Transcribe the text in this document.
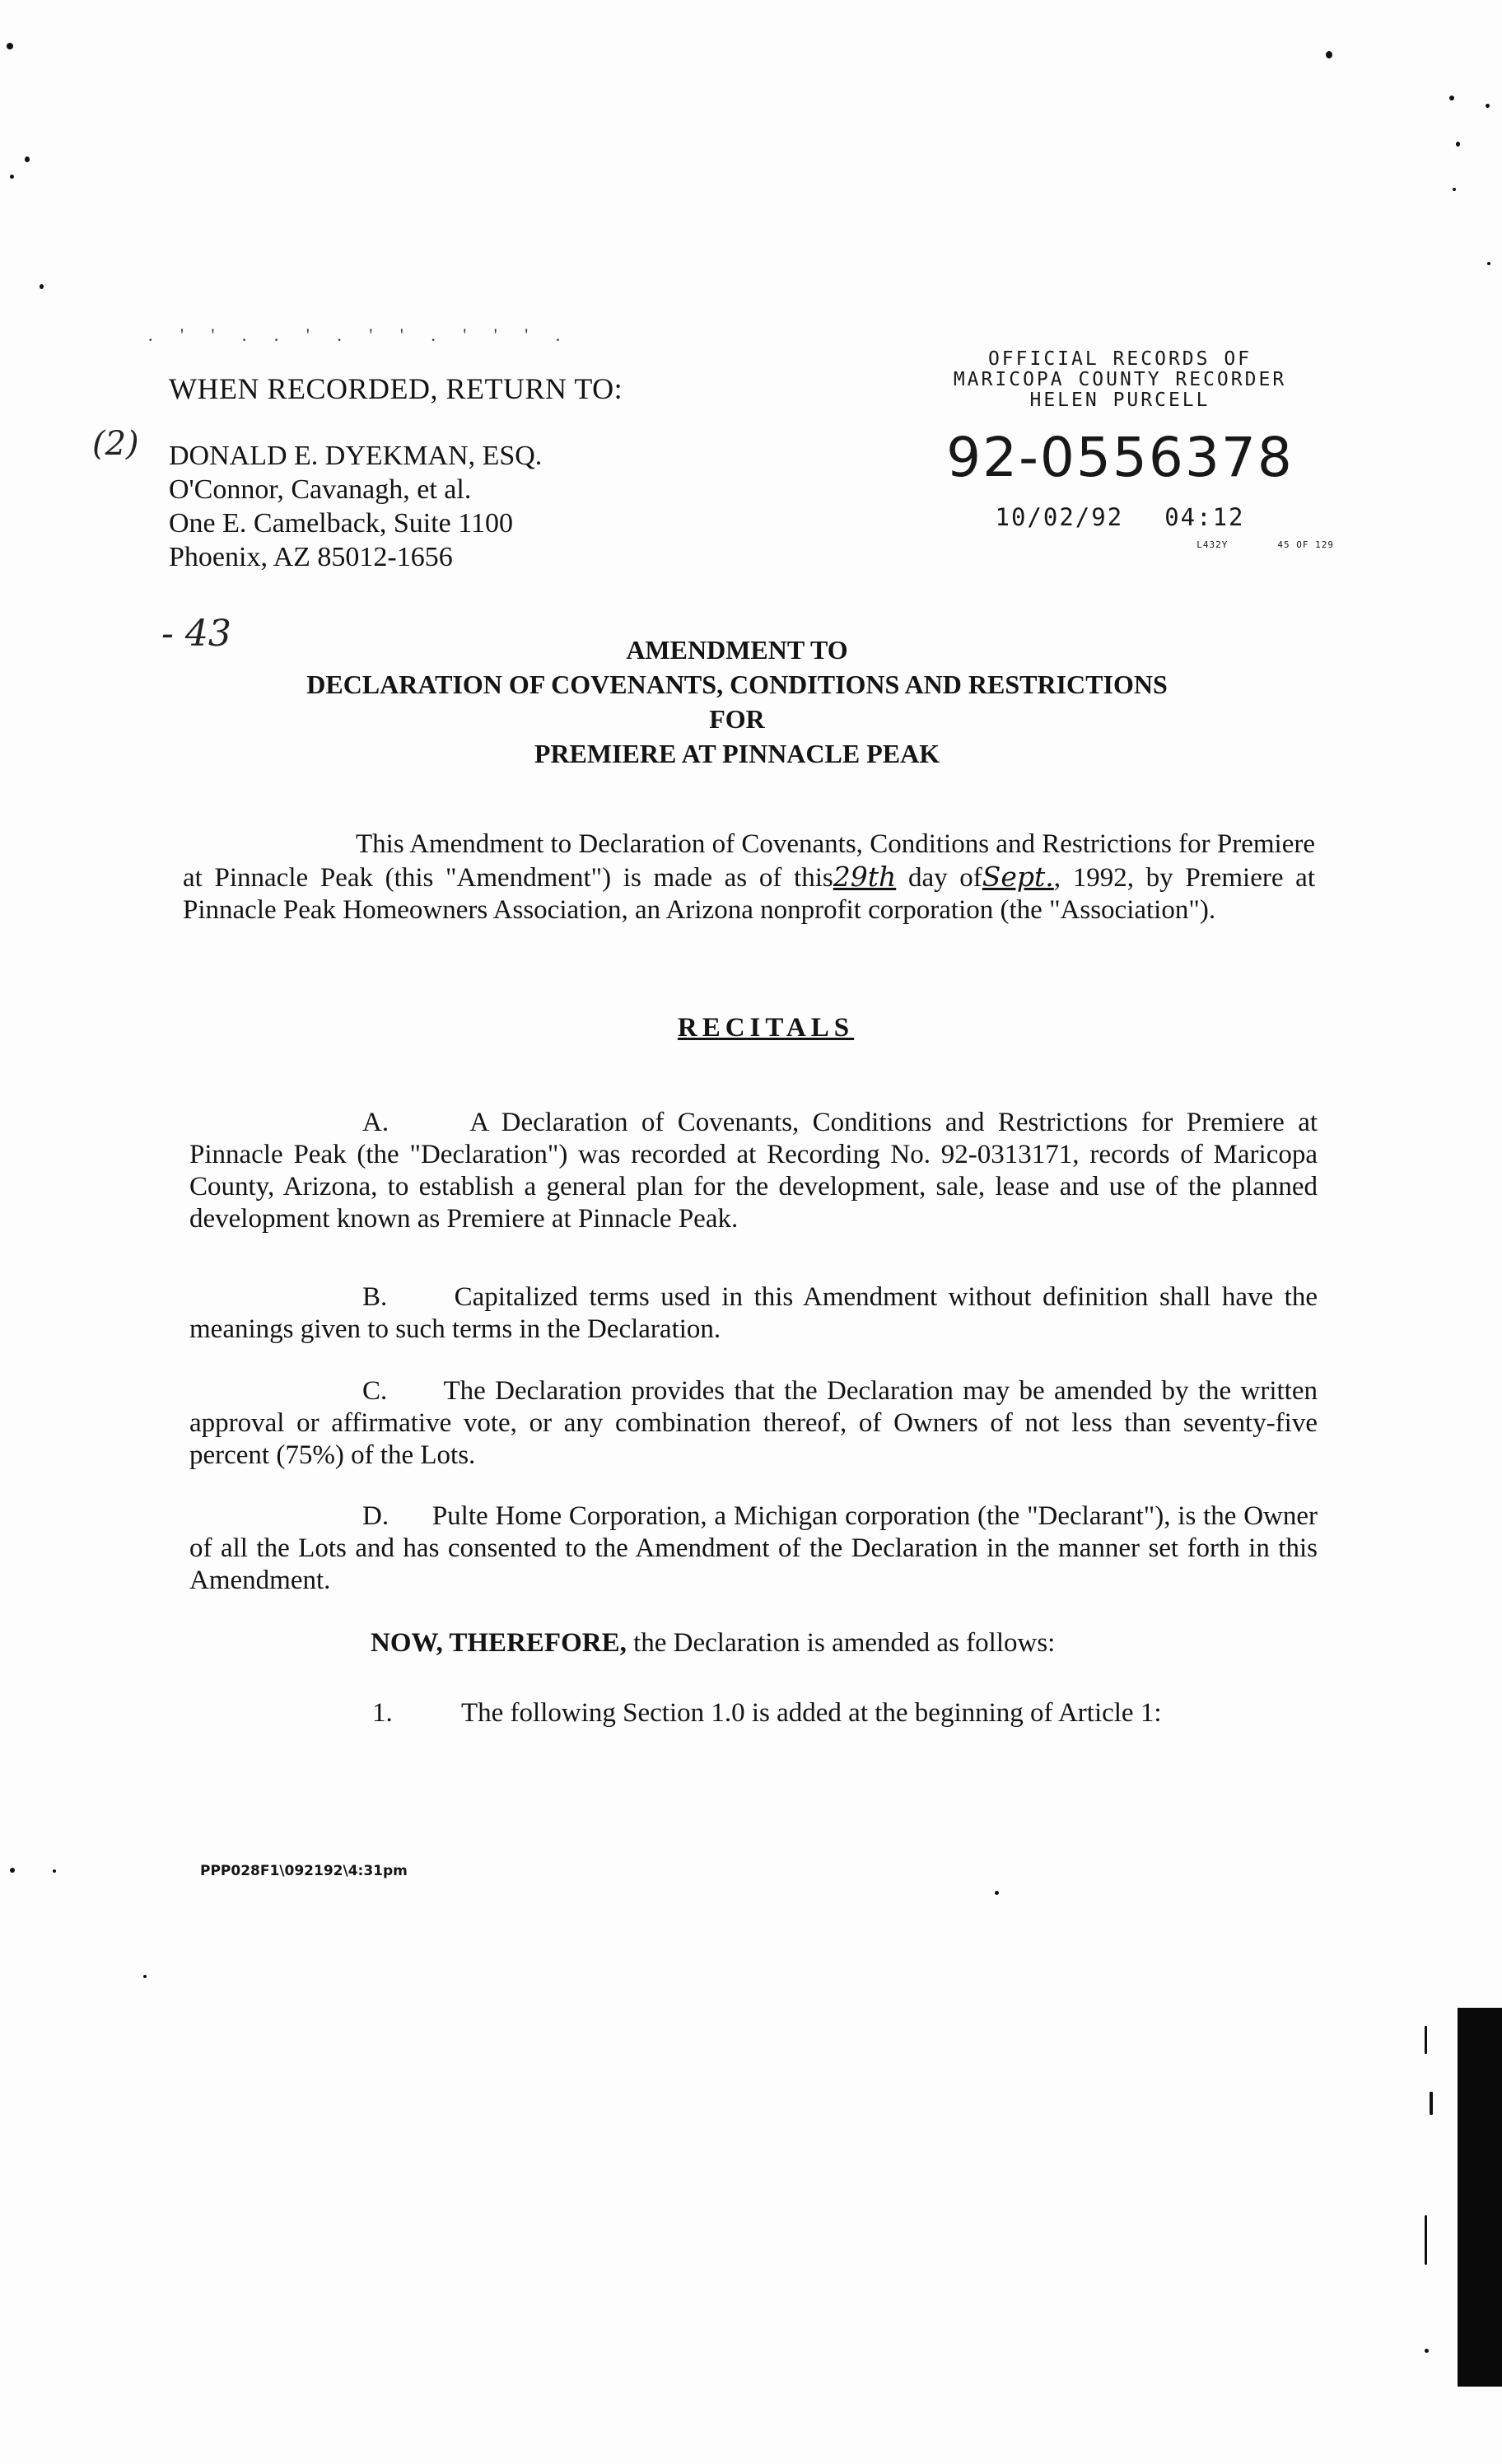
. ' ' . . ' . ' ' . ' ' ' .
WHEN RECORDED, RETURN TO:
DONALD E. DYEKMAN, ESQ.
O'Connor, Cavanagh, et al.
One E. Camelback, Suite 1100
Phoenix, AZ 85012-1656
(2)
- 43
OFFICIAL RECORDS OF
MARICOPA COUNTY RECORDER
HELEN PURCELL
92-0556378
10/02/92 04:12
L432Y	45 OF 129
AMENDMENT TO
DECLARATION OF COVENANTS, CONDITIONS AND RESTRICTIONS
FOR
PREMIERE AT PINNACLE PEAK
This Amendment to Declaration of Covenants, Conditions and Restrictions for Premiere at Pinnacle Peak (this "Amendment") is made as of this29th day ofSept., 1992, by Premiere at Pinnacle Peak Homeowners Association, an Arizona nonprofit corporation (the "Association").
RECITALS
A.	A Declaration of Covenants, Conditions and Restrictions for Premiere at Pinnacle Peak (the "Declaration") was recorded at Recording No. 92-0313171, records of Maricopa County, Arizona, to establish a general plan for the development, sale, lease and use of the planned development known as Premiere at Pinnacle Peak.
B. Capitalized terms used in this Amendment without definition shall have the meanings given to such terms in the Declaration.
C. The Declaration provides that the Declaration may be amended by the written approval or affirmative vote, or any combination thereof, of Owners of not less than seventy-five percent (75%) of the Lots.
D. Pulte Home Corporation, a Michigan corporation (the "Declarant"), is the Owner of all the Lots and has consented to the Amendment of the Declaration in the manner set forth in this Amendment.
NOW, THEREFORE, the Declaration is amended as follows:
1.	The following Section 1.0 is added at the beginning of Article 1:
PPP028F1\092192\4:31pm
